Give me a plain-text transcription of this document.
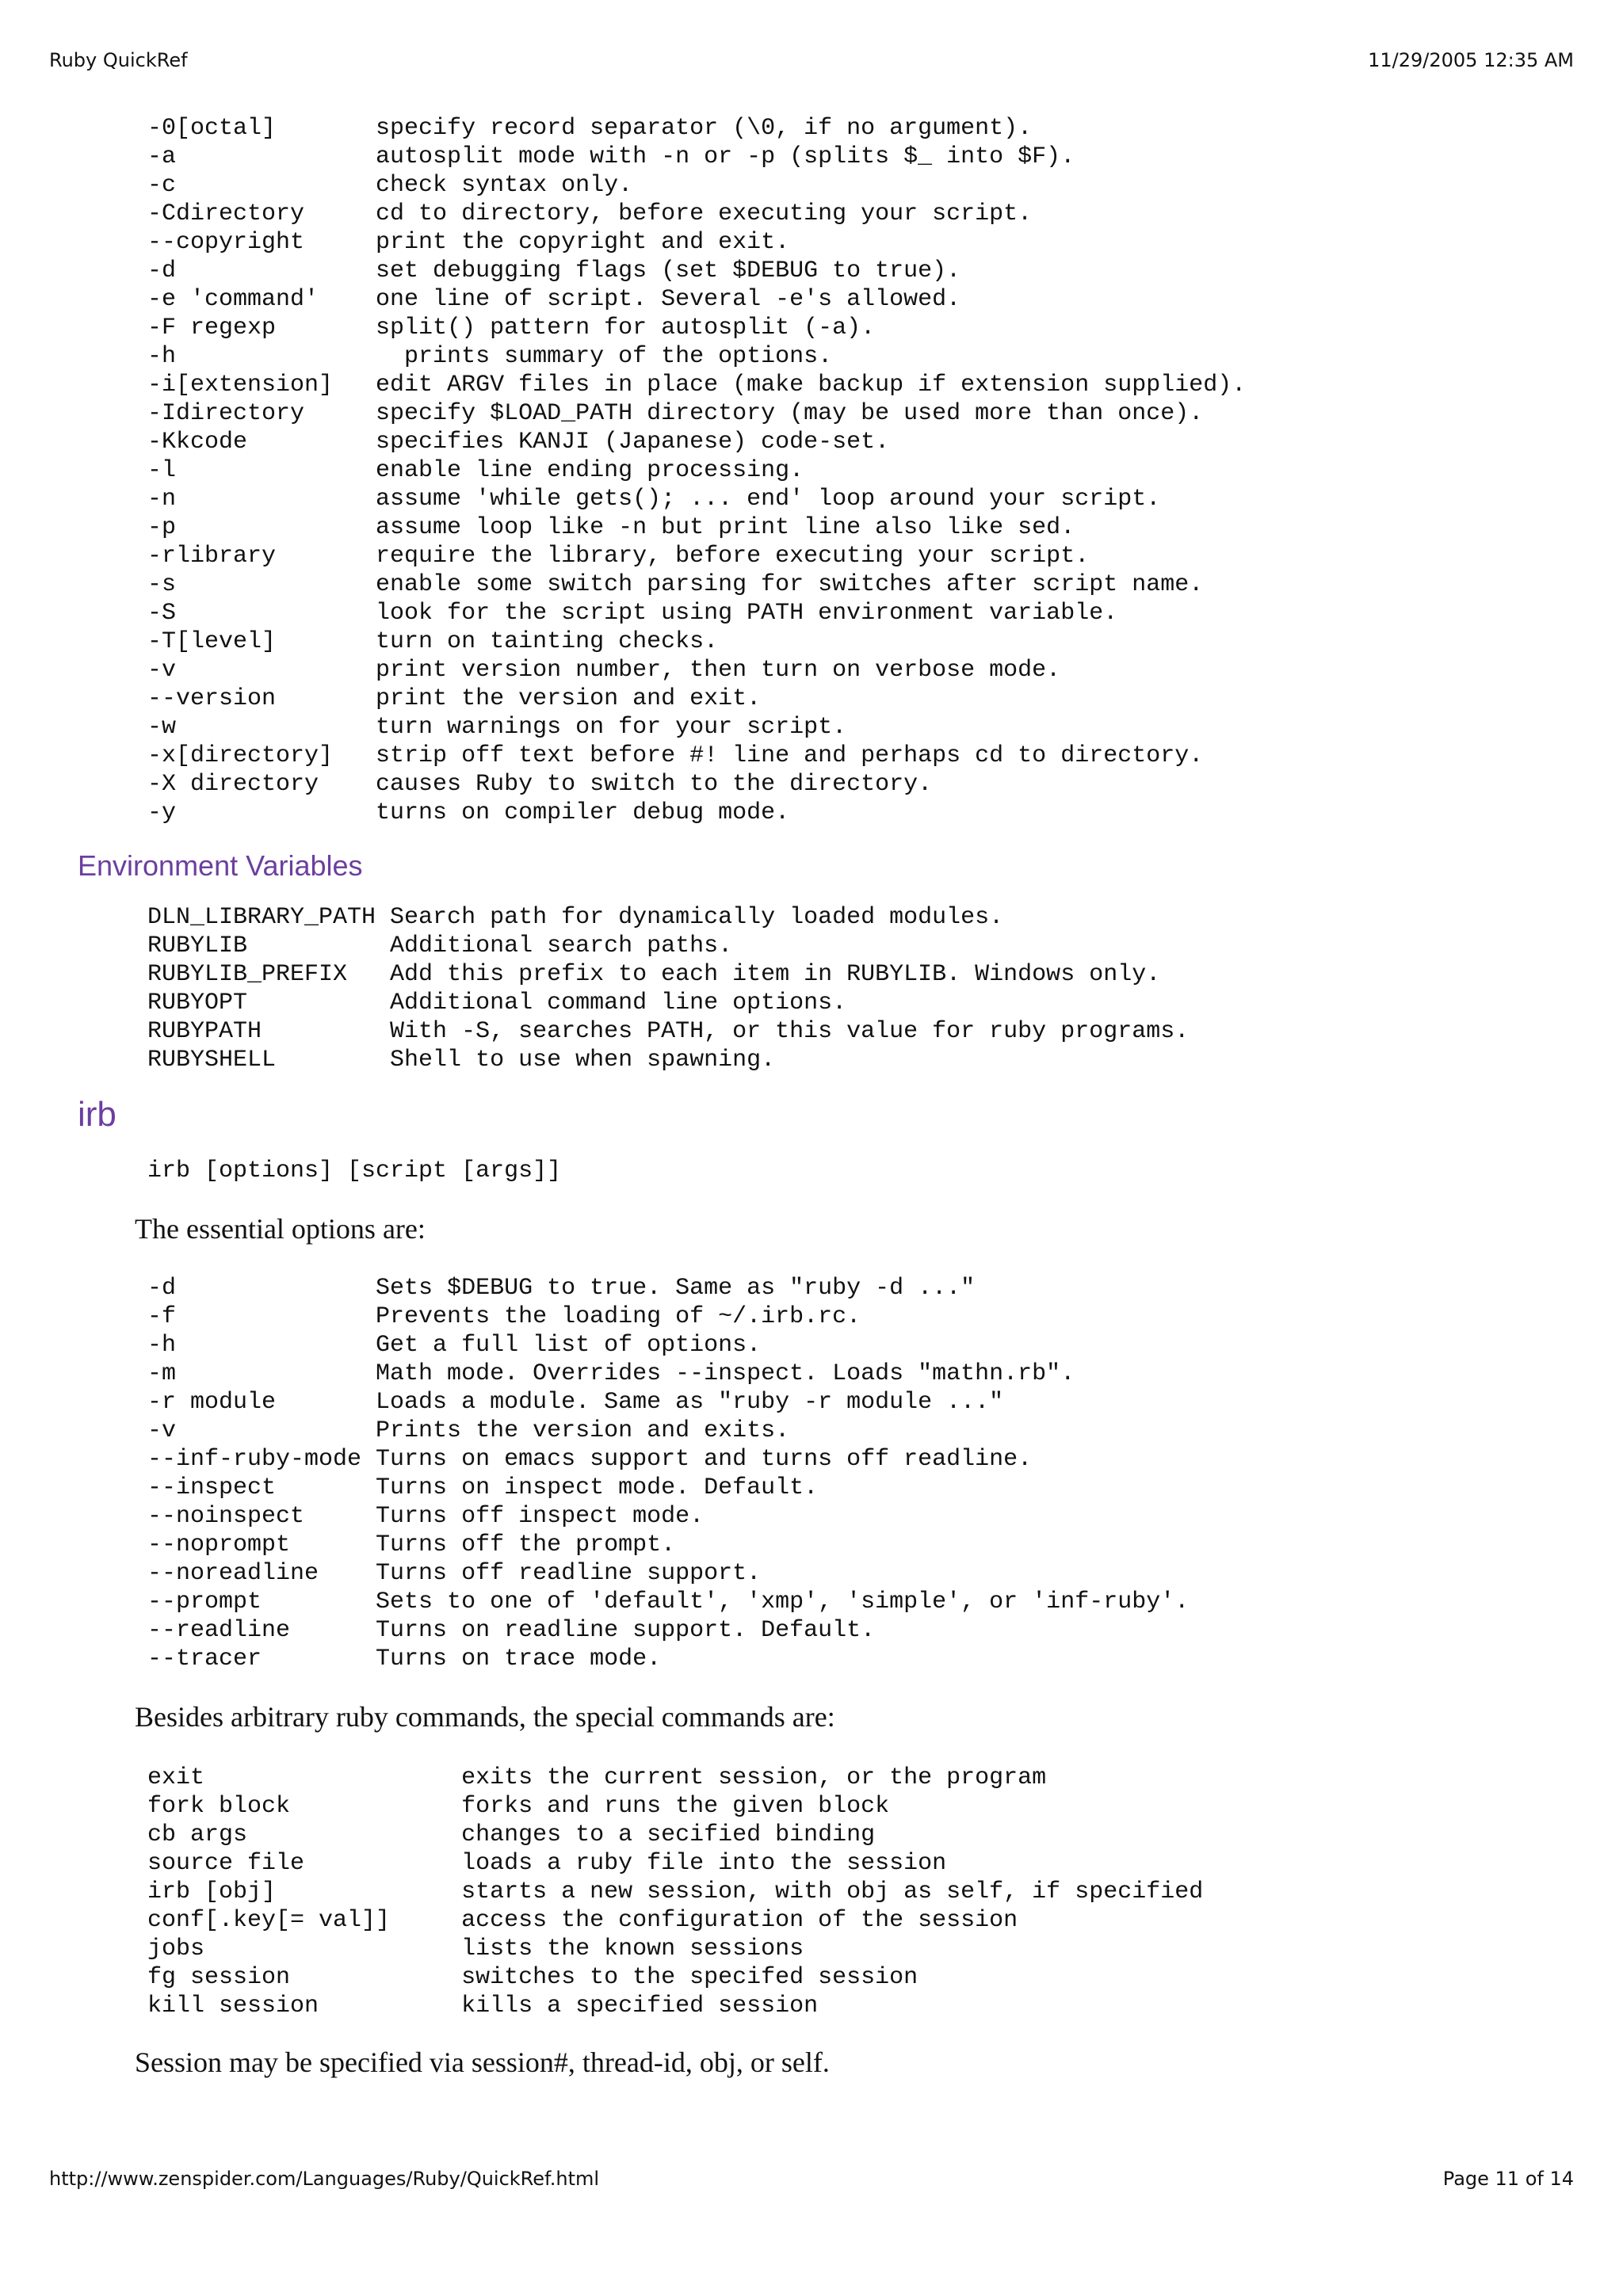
Ruby QuickRef	11/29/2005 12:35 AM
-0[octal]       specify record separator (\0, if no argument).
-a              autosplit mode with -n or -p (splits $_ into $F).
-c              check syntax only.
-Cdirectory     cd to directory, before executing your script.
--copyright     print the copyright and exit.
-d              set debugging flags (set $DEBUG to true).
-e 'command'    one line of script. Several -e's allowed.
-F regexp       split() pattern for autosplit (-a).
-h                prints summary of the options.
-i[extension]   edit ARGV files in place (make backup if extension supplied).
-Idirectory     specify $LOAD_PATH directory (may be used more than once).
-Kkcode         specifies KANJI (Japanese) code-set.
-l              enable line ending processing.
-n              assume 'while gets(); ... end' loop around your script.
-p              assume loop like -n but print line also like sed.
-rlibrary       require the library, before executing your script.
-s              enable some switch parsing for switches after script name.
-S              look for the script using PATH environment variable.
-T[level]       turn on tainting checks.
-v              print version number, then turn on verbose mode.
--version       print the version and exit.
-w              turn warnings on for your script.
-x[directory]   strip off text before #! line and perhaps cd to directory.
-X directory    causes Ruby to switch to the directory.
-y              turns on compiler debug mode.
Environment Variables
DLN_LIBRARY_PATH Search path for dynamically loaded modules.
RUBYLIB          Additional search paths.
RUBYLIB_PREFIX   Add this prefix to each item in RUBYLIB. Windows only.
RUBYOPT          Additional command line options.
RUBYPATH         With -S, searches PATH, or this value for ruby programs.
RUBYSHELL        Shell to use when spawning.
irb
irb [options] [script [args]]

The essential options are:

-d              Sets $DEBUG to true. Same as "ruby -d ..."
-f              Prevents the loading of ~/.irb.rc.
-h              Get a full list of options.
-m              Math mode. Overrides --inspect. Loads "mathn.rb".
-r module       Loads a module. Same as "ruby -r module ..."
-v              Prints the version and exits.
--inf-ruby-mode Turns on emacs support and turns off readline.
--inspect       Turns on inspect mode. Default.
--noinspect     Turns off inspect mode.
--noprompt      Turns off the prompt.
--noreadline    Turns off readline support.
--prompt        Sets to one of 'default', 'xmp', 'simple', or 'inf-ruby'.
--readline      Turns on readline support. Default.
--tracer        Turns on trace mode.

Besides arbitrary ruby commands, the special commands are:

exit                  exits the current session, or the program
fork block            forks and runs the given block
cb args               changes to a secified binding
source file           loads a ruby file into the session
irb [obj]             starts a new session, with obj as self, if specified
conf[.key[= val]]     access the configuration of the session
jobs                  lists the known sessions
fg session            switches to the specifed session
kill session          kills a specified session

Session may be specified via session#, thread-id, obj, or self.

http://www.zenspider.com/Languages/Ruby/QuickRef.html	Page 11 of 14
